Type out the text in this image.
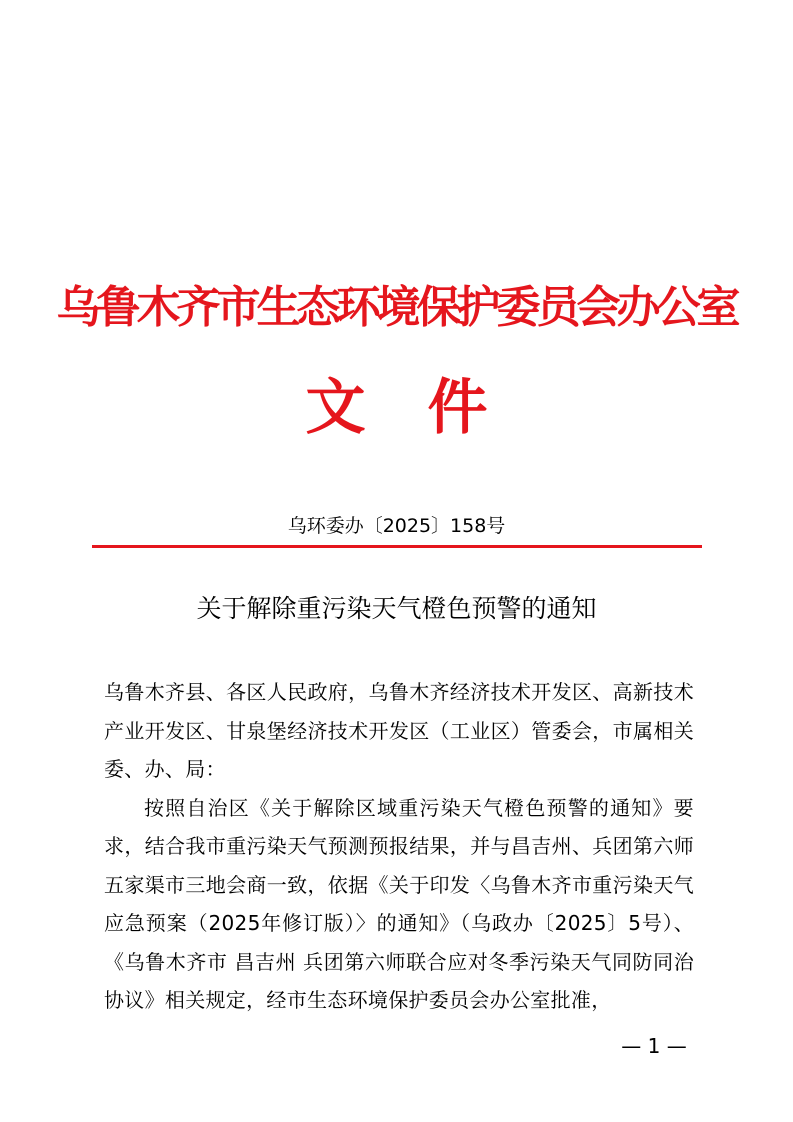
乌鲁木齐市生态环境保护委员会办公室
文件
乌环委办〔2025〕158号
关于解除重污染天气橙色预警的通知

乌鲁木齐县、各区人民政府，乌鲁木齐经济技术开发区、高新技术产业开发区、甘泉堡经济技术开发区（工业区）管委会，市属相关委、办、局：

按照自治区《关于解除区域重污染天气橙色预警的通知》要求，结合我市重污染天气预测预报结果，并与昌吉州、兵团第六师五家渠市三地会商一致，依据《关于印发〈乌鲁木齐市重污染天气应急预案（2025年修订版）〉的通知》（乌政办〔2025〕5号）、《乌鲁木齐市 昌吉州 兵团第六师联合应对冬季污染天气同防同治协议》相关规定，经市生态环境保护委员会办公室批准，

— 1 —
